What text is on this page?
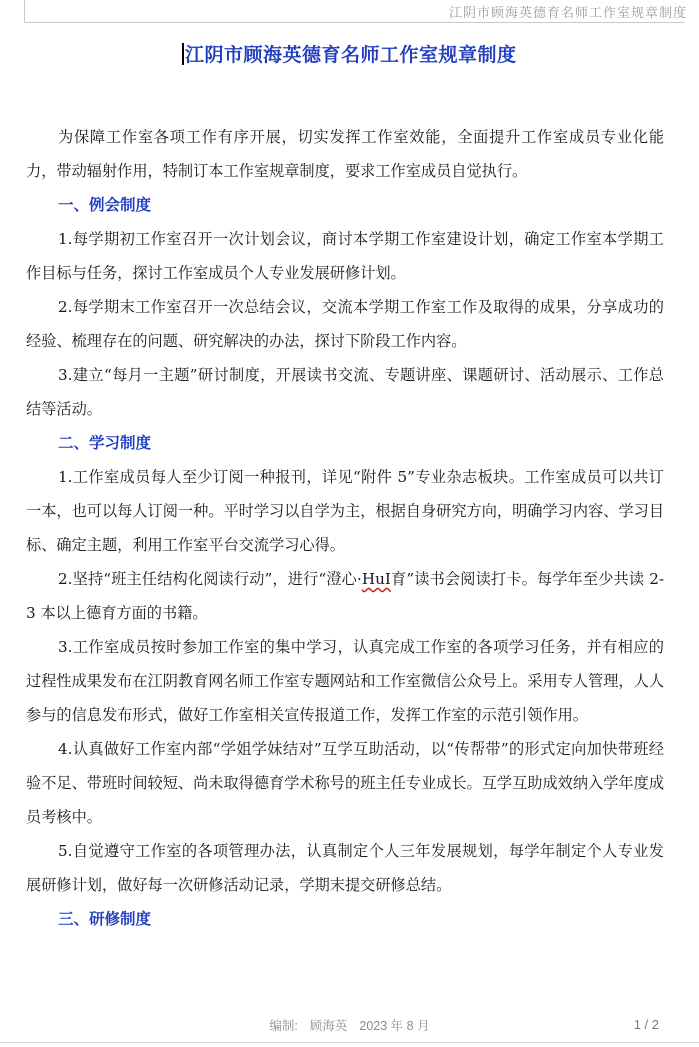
江阴市顾海英德育名师工作室规章制度
江阴市顾海英德育名师工作室规章制度

为保障工作室各项工作有序开展，切实发挥工作室效能，全面提升工作室成员专业化能力，带动辐射作用，特制订本工作室规章制度，要求工作室成员自觉执行。

一、例会制度

1.每学期初工作室召开一次计划会议，商讨本学期工作室建设计划，确定工作室本学期工作目标与任务，探讨工作室成员个人专业发展研修计划。

2.每学期末工作室召开一次总结会议，交流本学期工作室工作及取得的成果，分享成功的经验、梳理存在的问题、研究解决的办法，探讨下阶段工作内容。

3.建立“每月一主题”研讨制度，开展读书交流、专题讲座、课题研讨、活动展示、工作总结等活动。

二、学习制度

1.工作室成员每人至少订阅一种报刊，详见“附件 5”专业杂志板块。工作室成员可以共订一本，也可以每人订阅一种。平时学习以自学为主，根据自身研究方向，明确学习内容、学习目标、确定主题，利用工作室平台交流学习心得。

2.坚持“班主任结构化阅读行动”，进行“澄心·HuI育”读书会阅读打卡。每学年至少共读 2-3 本以上德育方面的书籍。

3.工作室成员按时参加工作室的集中学习，认真完成工作室的各项学习任务，并有相应的过程性成果发布在江阴教育网名师工作室专题网站和工作室微信公众号上。采用专人管理，人人参与的信息发布形式，做好工作室相关宣传报道工作，发挥工作室的示范引领作用。

4.认真做好工作室内部“学姐学妹结对”互学互助活动，以“传帮带”的形式定向加快带班经验不足、带班时间较短、尚未取得德育学术称号的班主任专业成长。互学互助成效纳入学年度成员考核中。

5.自觉遵守工作室的各项管理办法，认真制定个人三年发展规划，每学年制定个人专业发展研修计划，做好每一次研修活动记录，学期末提交研修总结。

三、研修制度

编制: 顾海英 2023 年 8 月	1 / 2
